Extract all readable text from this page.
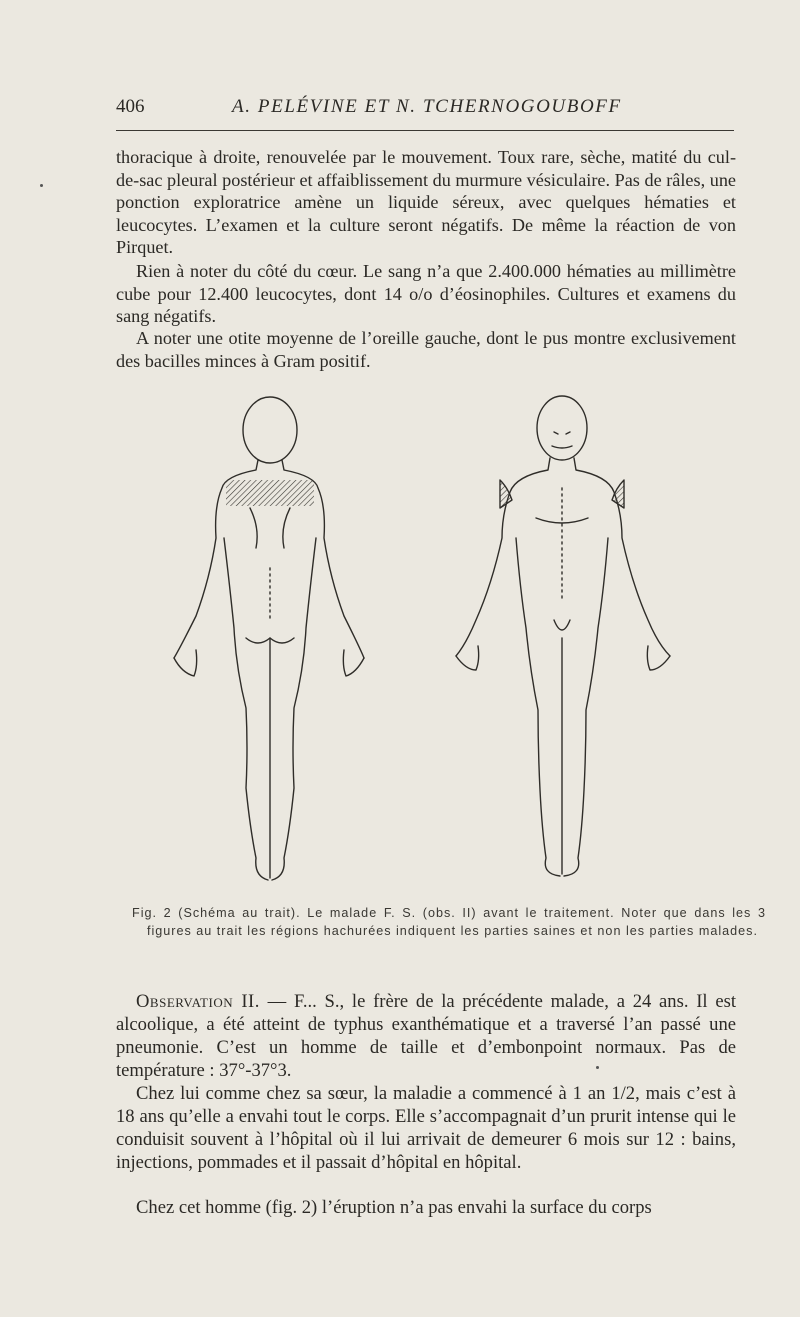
406	A. PELÉVINE ET N. TCHERNOGOUBOFF

thoracique à droite, renouvelée par le mouvement. Toux rare, sèche, matité du cul-de-sac pleural postérieur et affaiblissement du murmure vésiculaire. Pas de râles, une ponction exploratrice amène un liquide séreux, avec quelques hématies et leucocytes. L’examen et la culture seront négatifs. De même la réaction de von Pirquet.

Rien à noter du côté du cœur. Le sang n’a que 2.400.000 hématies au millimètre cube pour 12.400 leucocytes, dont 14 o/o d’éosinophiles. Cultures et examens du sang négatifs.

A noter une otite moyenne de l’oreille gauche, dont le pus montre exclusivement des bacilles minces à Gram positif.

Fig. 2 (Schéma au trait). Le malade F. S. (obs. II) avant le traitement. Noter que dans les 3 figures au trait les régions hachurées indiquent les parties saines et non les parties malades.

Observation II. — F... S., le frère de la précédente malade, a 24 ans. Il est alcoolique, a été atteint de typhus exanthématique et a traversé l’an passé une pneumonie. C’est un homme de taille et d’embonpoint normaux. Pas de température : 37°-37°3.

Chez lui comme chez sa sœur, la maladie a commencé à 1 an 1/2, mais c’est à 18 ans qu’elle a envahi tout le corps. Elle s’accompagnait d’un prurit intense qui le conduisit souvent à l’hôpital où il lui arrivait de demeurer 6 mois sur 12 : bains, injections, pommades et il passait d’hôpital en hôpital.

Chez cet homme (fig. 2) l’éruption n’a pas envahi la surface du corps
